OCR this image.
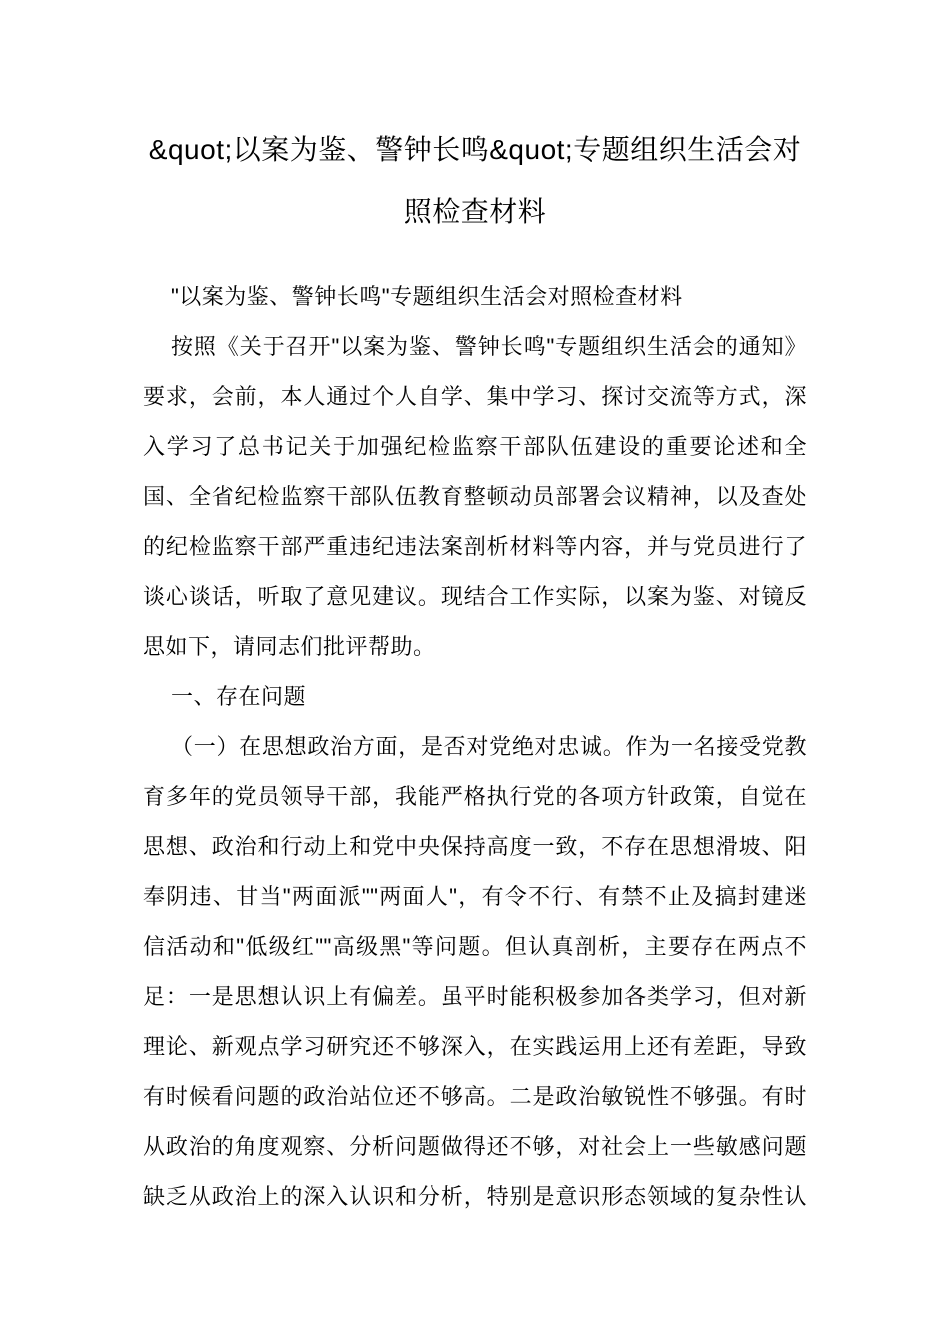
&quot;以案为鉴、警钟长鸣&quot;专题组织生活会对
照检查材料
"以案为鉴、警钟长鸣"专题组织生活会对照检查材料
按照《关于召开"以案为鉴、警钟长鸣"专题组织生活会的通知》
要求，会前，本人通过个人自学、集中学习、探讨交流等方式，深
入学习了总书记关于加强纪检监察干部队伍建设的重要论述和全
国、全省纪检监察干部队伍教育整顿动员部署会议精神，以及查处
的纪检监察干部严重违纪违法案剖析材料等内容，并与党员进行了
谈心谈话，听取了意见建议。现结合工作实际，以案为鉴、对镜反
思如下，请同志们批评帮助。
一、存在问题
（一）在思想政治方面，是否对党绝对忠诚。作为一名接受党教
育多年的党员领导干部，我能严格执行党的各项方针政策，自觉在
思想、政治和行动上和党中央保持高度一致，不存在思想滑坡、阳
奉阴违、甘当"两面派""两面人"，有令不行、有禁不止及搞封建迷
信活动和"低级红""高级黑"等问题。但认真剖析，主要存在两点不
足：一是思想认识上有偏差。虽平时能积极参加各类学习，但对新
理论、新观点学习研究还不够深入，在实践运用上还有差距，导致
有时候看问题的政治站位还不够高。二是政治敏锐性不够强。有时
从政治的角度观察、分析问题做得还不够，对社会上一些敏感问题
缺乏从政治上的深入认识和分析，特别是意识形态领域的复杂性认
